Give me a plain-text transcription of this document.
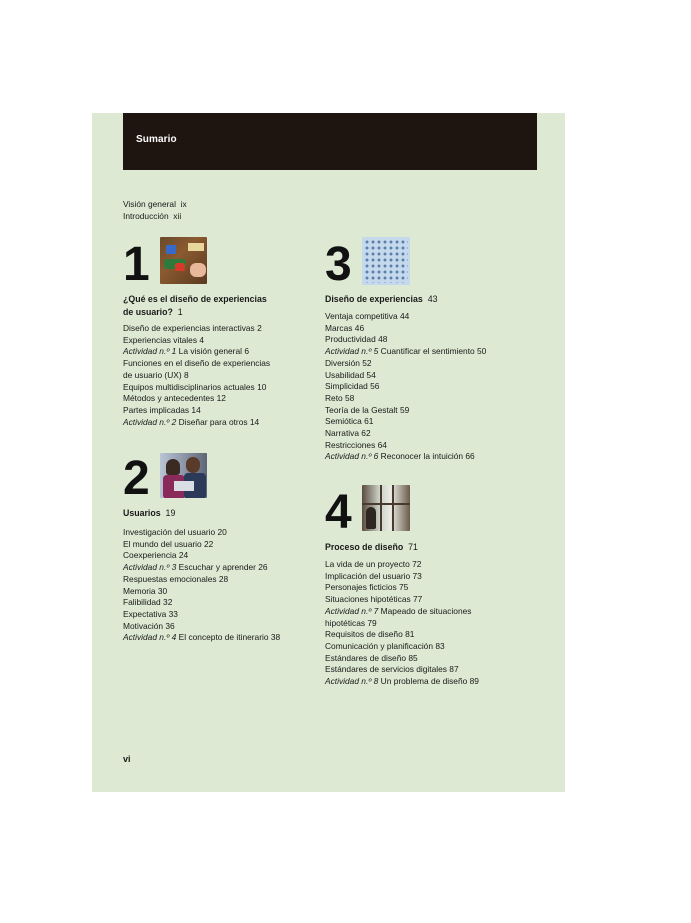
Sumario
Visión general ix
Introducción xii
1
¿Qué es el diseño de experiencias
de usuario? 1
Diseño de experiencias interactivas 2
Experiencias vitales 4
Actividad n.º 1 La visión general 6
Funciones en el diseño de experiencias
de usuario (UX) 8
Equipos multidisciplinarios actuales 10
Métodos y antecedentes 12
Partes implicadas 14
Actividad n.º 2 Diseñar para otros 14
2
Usuarios 19
Investigación del usuario 20
El mundo del usuario 22
Coexperiencia 24
Actividad n.º 3 Escuchar y aprender 26
Respuestas emocionales 28
Memoria 30
Falibilidad 32
Expectativa 33
Motivación 36
Actividad n.º 4 El concepto de itinerario 38
3
Diseño de experiencias 43
Ventaja competitiva 44
Marcas 46
Productividad 48
Actividad n.º 5 Cuantificar el sentimiento 50
Diversión 52
Usabilidad 54
Simplicidad 56
Reto 58
Teoría de la Gestalt 59
Semiótica 61
Narrativa 62
Restricciones 64
Actividad n.º 6 Reconocer la intuición 66
4
Proceso de diseño 71
La vida de un proyecto 72
Implicación del usuario 73
Personajes ficticios 75
Situaciones hipotéticas 77
Actividad n.º 7 Mapeado de situaciones
hipotéticas 79
Requisitos de diseño 81
Comunicación y planificación 83
Estándares de diseño 85
Estándares de servicios digitales 87
Actividad n.º 8 Un problema de diseño 89
vi
